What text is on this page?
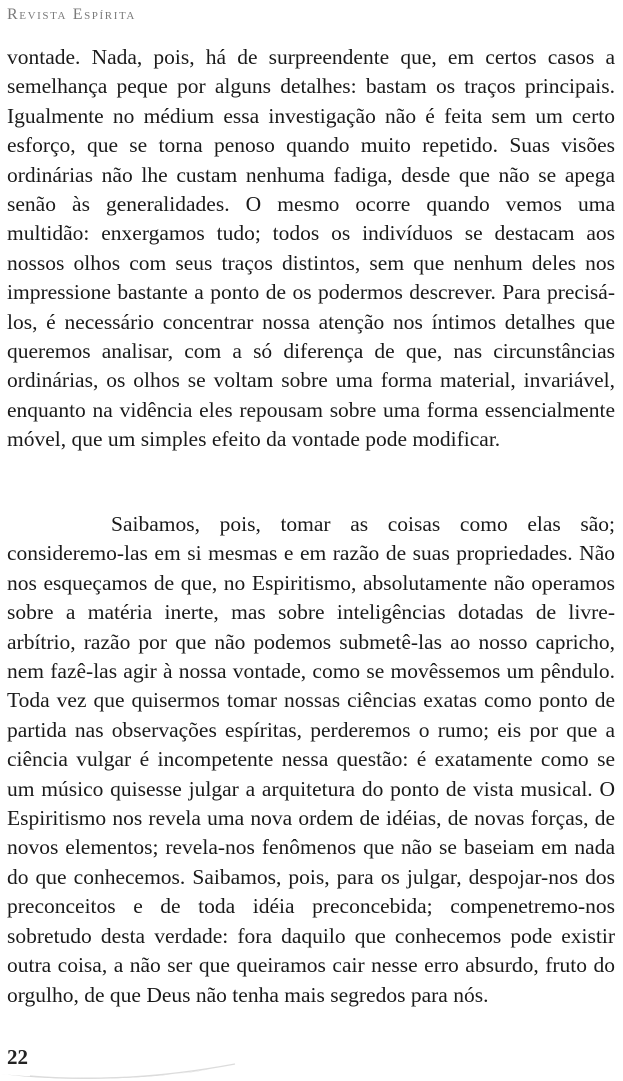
Revista Espírita

vontade. Nada, pois, há de surpreendente que, em certos casos a semelhança peque por alguns detalhes: bastam os traços principais. Igualmente no médium essa investigação não é feita sem um certo esforço, que se torna penoso quando muito repetido. Suas visões ordinárias não lhe custam nenhuma fadiga, desde que não se apega senão às generalidades. O mesmo ocorre quando vemos uma multidão: enxergamos tudo; todos os indivíduos se destacam aos nossos olhos com seus traços distintos, sem que nenhum deles nos impressione bastante a ponto de os podermos descrever. Para precisá-los, é necessário concentrar nossa atenção nos íntimos detalhes que queremos analisar, com a só diferença de que, nas circunstâncias ordinárias, os olhos se voltam sobre uma forma material, invariável, enquanto na vidência eles repousam sobre uma forma essencialmente móvel, que um simples efeito da vontade pode modificar.

Saibamos, pois, tomar as coisas como elas são; consideremo-las em si mesmas e em razão de suas propriedades. Não nos esqueçamos de que, no Espiritismo, absolutamente não operamos sobre a matéria inerte, mas sobre inteligências dotadas de livre-arbítrio, razão por que não podemos submetê-las ao nosso capricho, nem fazê-las agir à nossa vontade, como se movêssemos um pêndulo. Toda vez que quisermos tomar nossas ciências exatas como ponto de partida nas observações espíritas, perderemos o rumo; eis por que a ciência vulgar é incompetente nessa questão: é exatamente como se um músico quisesse julgar a arquitetura do ponto de vista musical. O Espiritismo nos revela uma nova ordem de idéias, de novas forças, de novos elementos; revela-nos fenômenos que não se baseiam em nada do que conhecemos. Saibamos, pois, para os julgar, despojar-nos dos preconceitos e de toda idéia preconcebida; compenetremo-nos sobretudo desta verdade: fora daquilo que conhecemos pode existir outra coisa, a não ser que queiramos cair nesse erro absurdo, fruto do orgulho, de que Deus não tenha mais segredos para nós.

22
